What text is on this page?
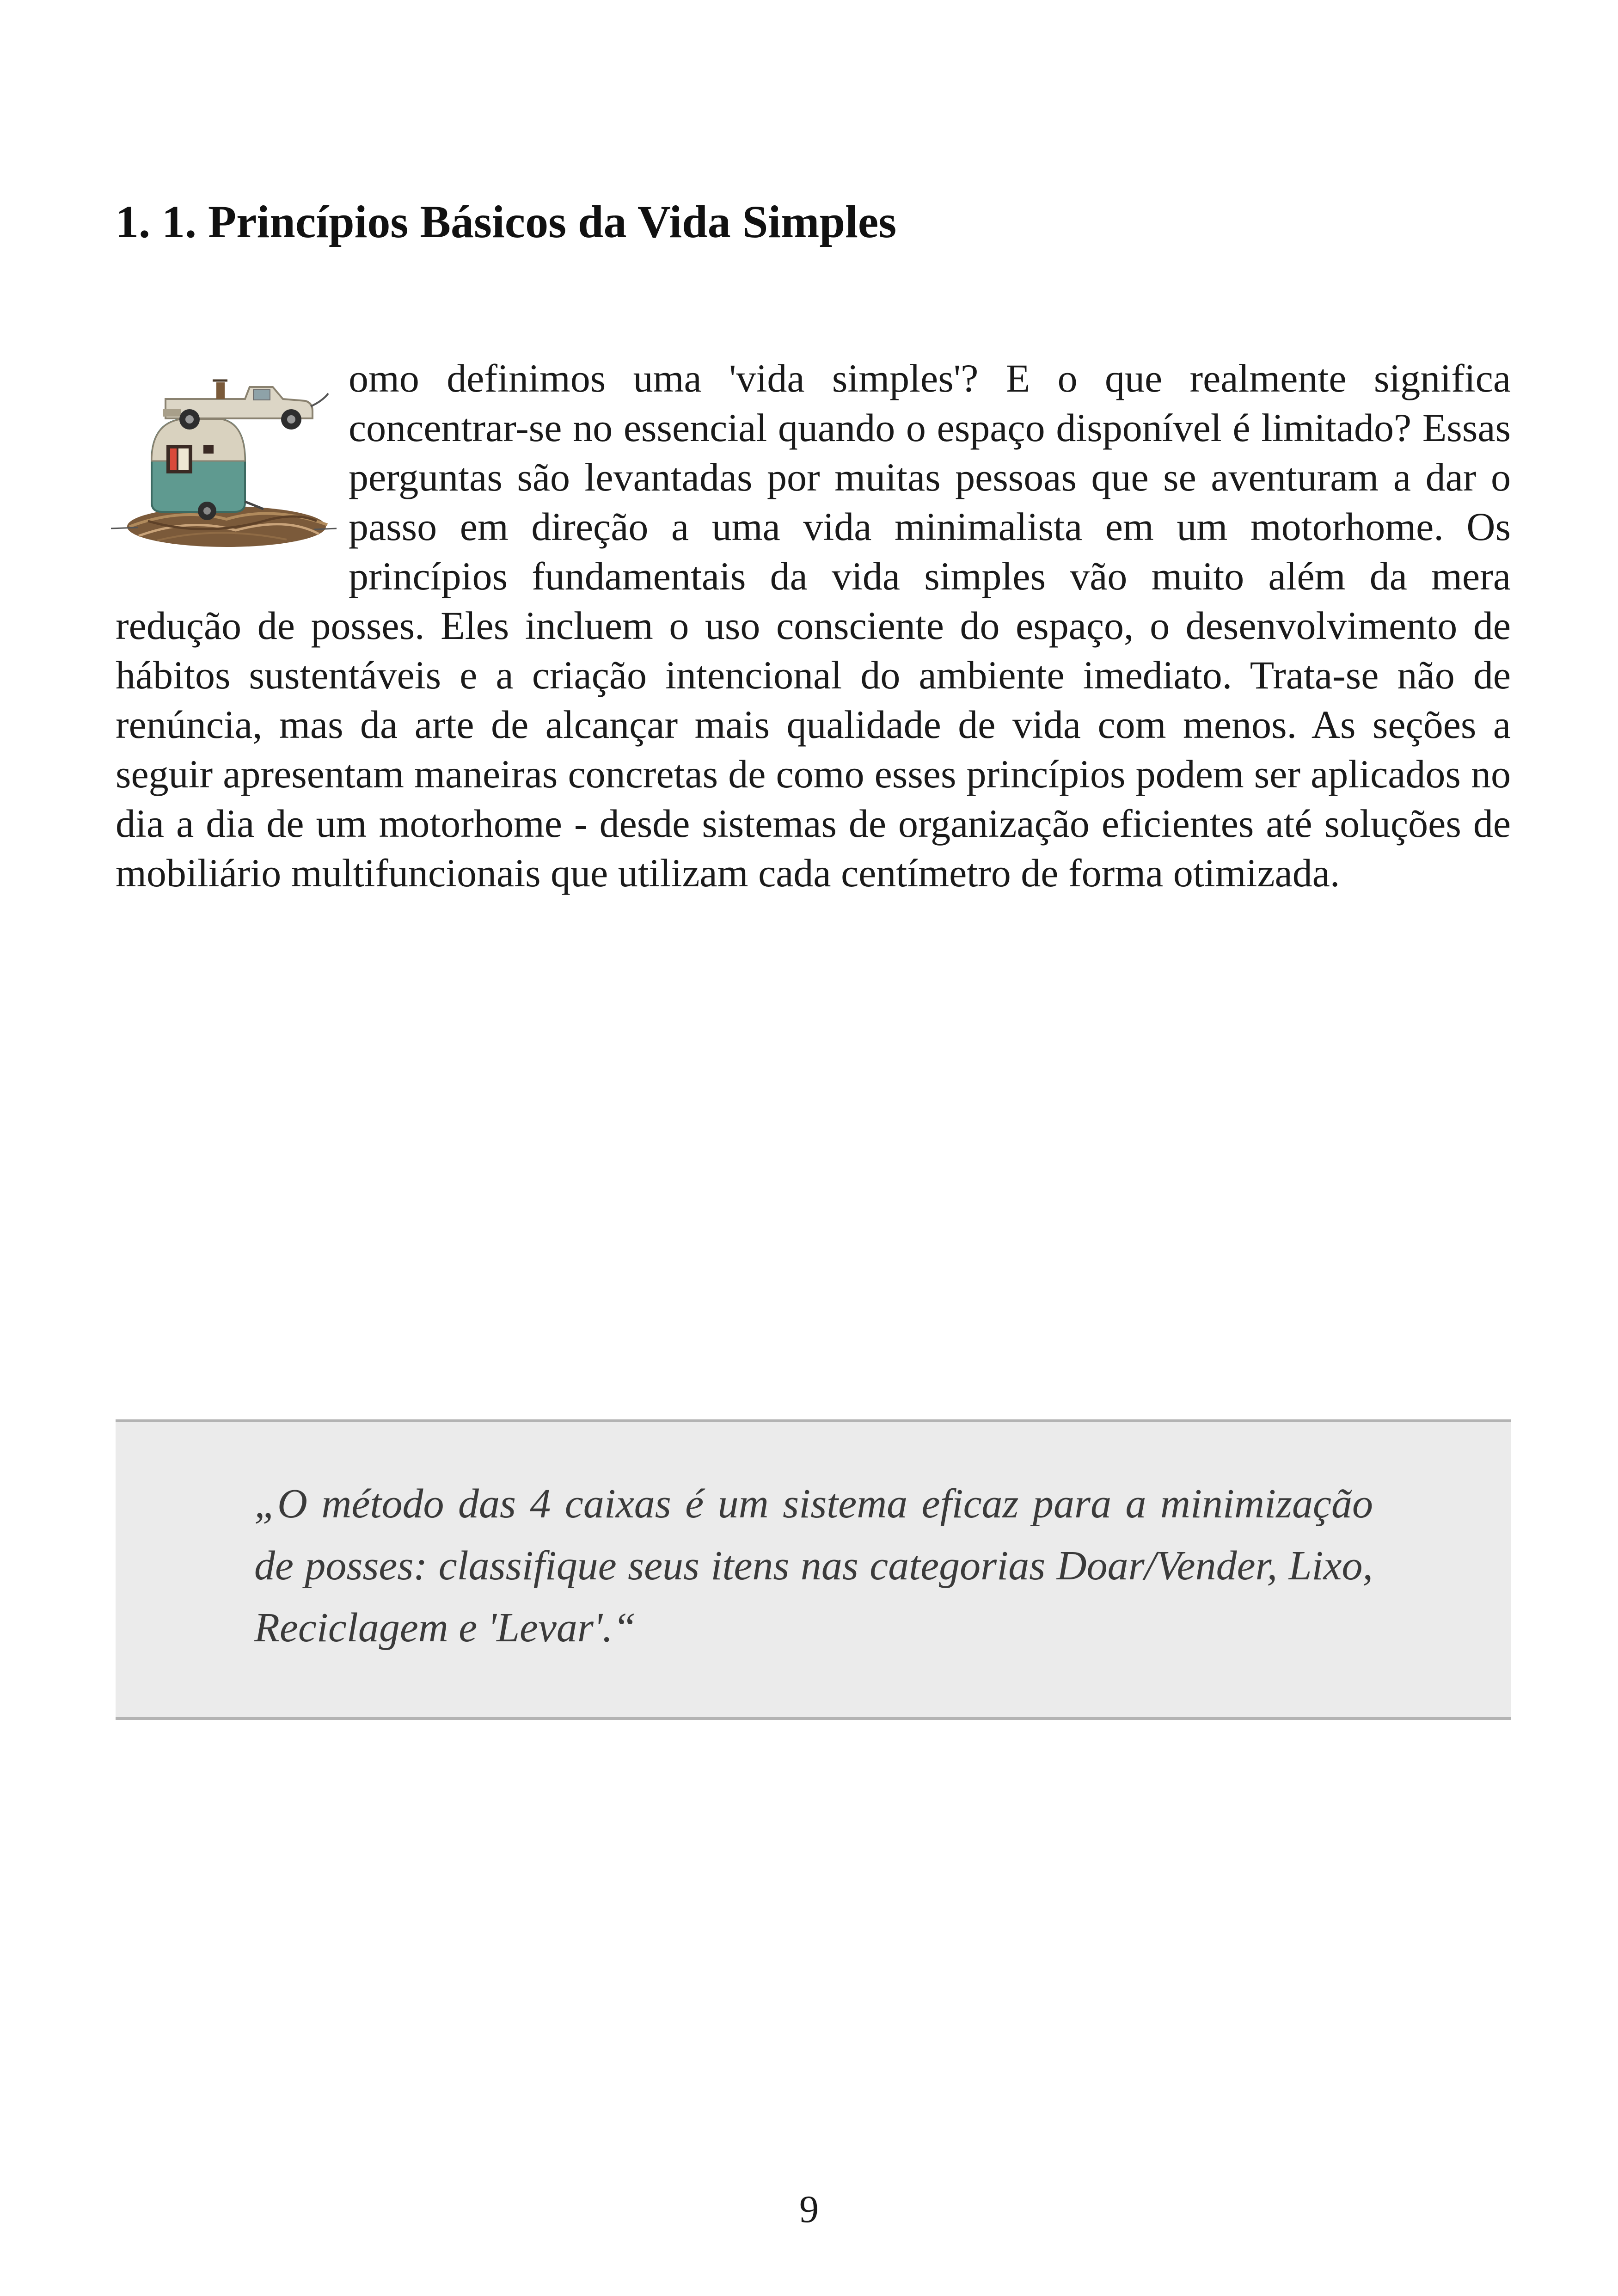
1. 1. Princípios Básicos da Vida Simples
omo definimos uma 'vida simples'? E o que realmente significa concentrar-se no essencial quando o espaço disponível é limitado? Essas perguntas são levantadas por muitas pessoas que se aventuram a dar o passo em direção a uma vida minimalista em um motorhome. Os princípios fundamentais da vida simples vão muito além da mera redução de posses. Eles incluem o uso consciente do espaço, o desenvolvimento de hábitos sustentáveis e a criação intencional do ambiente imediato. Trata-se não de renúncia, mas da arte de alcançar mais qualidade de vida com menos. As seções a seguir apresentam maneiras concretas de como esses princípios podem ser aplicados no dia a dia de um motorhome - desde sistemas de organização eficientes até soluções de mobiliário multifuncionais que utilizam cada centímetro de forma otimizada.

„O método das 4 caixas é um sistema eficaz para a minimização de posses: classifique seus itens nas categorias Doar/Vender, Lixo, Reciclagem e 'Levar'.“

9
